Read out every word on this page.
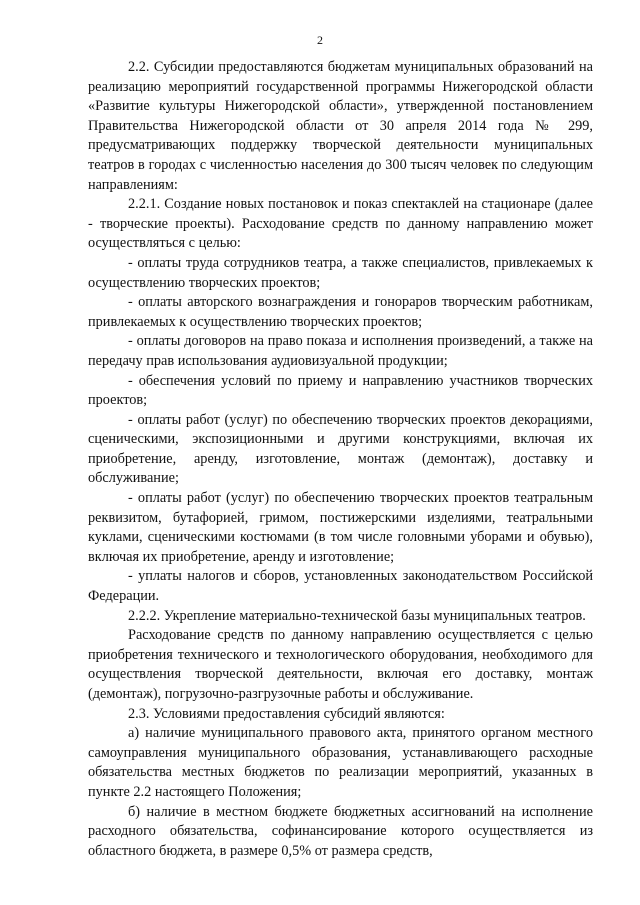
2

2.2. Субсидии предоставляются бюджетам муниципальных образований на реализацию мероприятий государственной программы Нижегородской области «Развитие культуры Нижегородской области», утвержденной постановлением Правительства Нижегородской области от 30 апреля 2014 года № 299, предусматривающих поддержку творческой деятельности муниципальных театров в городах с численностью населения до 300 тысяч человек по следующим направлениям:

2.2.1. Создание новых постановок и показ спектаклей на стационаре (далее - творческие проекты). Расходование средств по данному направлению может осуществляться с целью:

- оплаты труда сотрудников театра, а также специалистов, привлекаемых к осуществлению творческих проектов;

- оплаты авторского вознаграждения и гонораров творческим работникам, привлекаемых к осуществлению творческих проектов;

- оплаты договоров на право показа и исполнения произведений, а также на передачу прав использования аудиовизуальной продукции;

- обеспечения условий по приему и направлению участников творческих проектов;

- оплаты работ (услуг) по обеспечению творческих проектов декорациями, сценическими, экспозиционными и другими конструкциями, включая их приобретение, аренду, изготовление, монтаж (демонтаж), доставку и обслуживание;

- оплаты работ (услуг) по обеспечению творческих проектов театральным реквизитом, бутафорией, гримом, постижерскими изделиями, театральными куклами, сценическими костюмами (в том числе головными уборами и обувью), включая их приобретение, аренду и изготовление;

- уплаты налогов и сборов, установленных законодательством Российской Федерации.

2.2.2. Укрепление материально-технической базы муниципальных театров.

Расходование средств по данному направлению осуществляется с целью приобретения технического и технологического оборудования, необходимого для осуществления творческой деятельности, включая его доставку, монтаж (демонтаж), погрузочно-разгрузочные работы и обслуживание.

2.3. Условиями предоставления субсидий являются:

а) наличие муниципального правового акта, принятого органом местного самоуправления муниципального образования, устанавливающего расходные обязательства местных бюджетов по реализации мероприятий, указанных в пункте 2.2 настоящего Положения;

б) наличие в местном бюджете бюджетных ассигнований на исполнение расходного обязательства, софинансирование которого осуществляется из областного бюджета, в размере 0,5% от размера средств,
